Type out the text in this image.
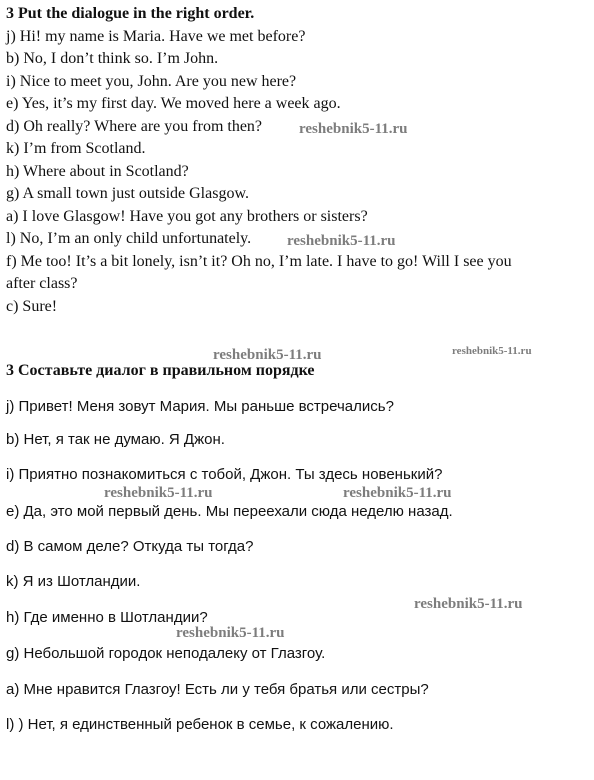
3 Put the dialogue in the right order.
j) Hi! my name is Maria. Have we met before?
b) No, I don’t think so. I’m John.
i) Nice to meet you, John. Are you new here?
e) Yes, it’s my first day. We moved here a week ago.
d) Oh really? Where are you from then?
k) I’m from Scotland.
h) Where about in Scotland?
g) A small town just outside Glasgow.
a) I love Glasgow! Have you got any brothers or sisters?
l) No, I’m an only child unfortunately.
f) Me too! It’s a bit lonely, isn’t it? Oh no, I’m late. I have to go! Will I see you
after class?
c) Sure!
3 Составьте диалог в правильном порядке
j) Привет! Меня зовут Мария. Мы раньше встречались?
b) Нет, я так не думаю. Я Джон.
i) Приятно познакомиться с тобой, Джон. Ты здесь новенький?
e) Да, это мой первый день. Мы переехали сюда неделю назад.
d) В самом деле? Откуда ты тогда?
k) Я из Шотландии.
h) Где именно в Шотландии?
g) Небольшой городок неподалеку от Глазгоу.
a) Мне нравится Глазгоу! Есть ли у тебя братья или сестры?
l) ) Нет, я единственный ребенок в семье, к сожалению.
reshebnik5-11.ru
reshebnik5-11.ru
reshebnik5-11.ru	reshebnik5-11.ru
reshebnik5-11.ru	reshebnik5-11.ru
reshebnik5-11.ru
reshebnik5-11.ru
